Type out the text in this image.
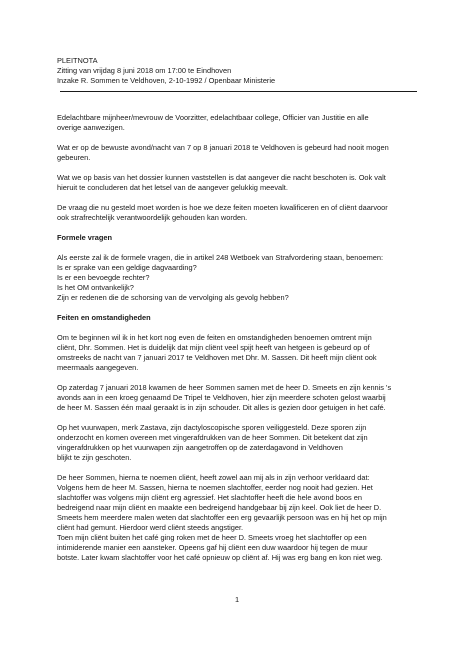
PLEITNOTA
Zitting van vrijdag 8 juni 2018 om 17:00 te Eindhoven
Inzake R. Sommen te Veldhoven, 2-10-1992 / Openbaar Ministerie
Edelachtbare mijnheer/mevrouw de Voorzitter, edelachtbaar college, Officier van Justitie en alle
overige aanwezigen.
Wat er op de bewuste avond/nacht van 7 op 8 januari 2018 te Veldhoven is gebeurd had nooit mogen
gebeuren.
Wat we op basis van het dossier kunnen vaststellen is dat aangever die nacht beschoten is. Ook valt
hieruit te concluderen dat het letsel van de aangever gelukkig meevalt.
De vraag die nu gesteld moet worden is hoe we deze feiten moeten kwalificeren en of cliënt daarvoor
ook strafrechtelijk verantwoordelijk gehouden kan worden.
Formele vragen
Als eerste zal ik de formele vragen, die in artikel 248 Wetboek van Strafvordering staan, benoemen:
Is er sprake van een geldige dagvaarding?
Is er een bevoegde rechter?
Is het OM ontvankelijk?
Zijn er redenen die de schorsing van de vervolging als gevolg hebben?
Feiten en omstandigheden
Om te beginnen wil ik in het kort nog even de feiten en omstandigheden benoemen omtrent mijn
cliënt, Dhr. Sommen. Het is duidelijk dat mijn cliënt veel spijt heeft van hetgeen is gebeurd op of
omstreeks de nacht van 7 januari 2017 te Veldhoven met Dhr. M. Sassen. Dit heeft mijn cliënt ook
meermaals aangegeven.
Op zaterdag 7 januari 2018 kwamen de heer Sommen samen met de heer D. Smeets en zijn kennis 's
avonds aan in een kroeg genaamd De Tripel te Veldhoven, hier zijn meerdere schoten gelost waarbij
de heer M. Sassen één maal geraakt is in zijn schouder. Dit alles is gezien door getuigen in het café.
Op het vuurwapen, merk Zastava, zijn dactyloscopische sporen veiliggesteld. Deze sporen zijn
onderzocht en komen overeen met vingerafdrukken van de heer Sommen. Dit betekent dat zijn
vingerafdrukken op het vuurwapen zijn aangetroffen op de zaterdagavond in Veldhoven
blijkt te zijn geschoten.
De heer Sommen, hierna te noemen cliënt, heeft zowel aan mij als in zijn verhoor verklaard dat:
Volgens hem de heer M. Sassen, hierna te noemen slachtoffer, eerder nog nooit had gezien. Het
slachtoffer was volgens mijn cliënt erg agressief. Het slachtoffer heeft die hele avond boos en
bedreigend naar mijn cliënt en maakte een bedreigend handgebaar bij zijn keel. Ook liet de heer D.
Smeets hem meerdere malen weten dat slachtoffer een erg gevaarlijk persoon was en hij het op mijn
cliënt had gemunt. Hierdoor werd cliënt steeds angstiger.
Toen mijn cliënt buiten het café ging roken met de heer D. Smeets vroeg het slachtoffer op een
intimiderende manier een aansteker. Opeens gaf hij cliënt een duw waardoor hij tegen de muur
botste. Later kwam slachtoffer voor het café opnieuw op cliënt af. Hij was erg bang en kon niet weg.
1
